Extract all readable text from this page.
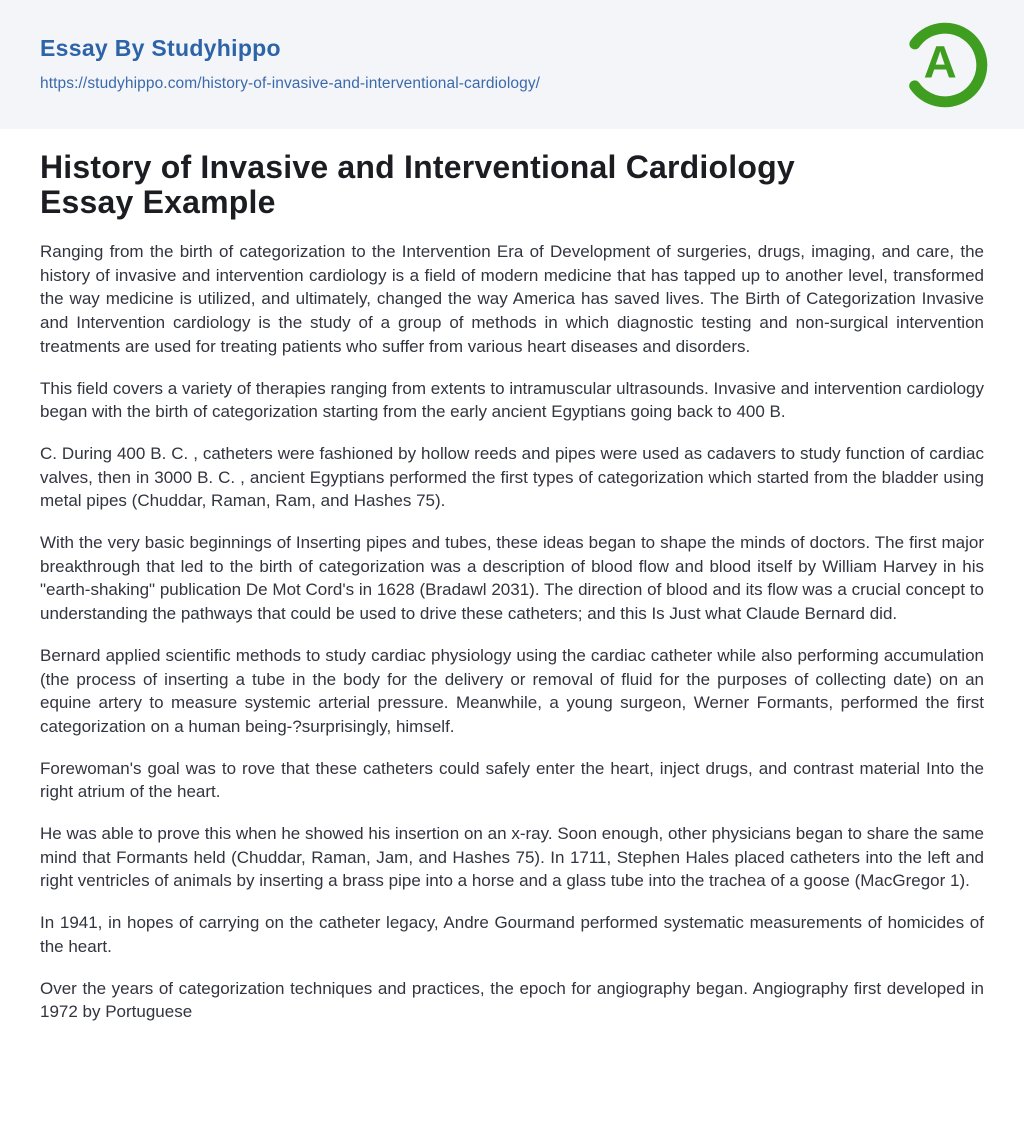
Essay By Studyhippo
https://studyhippo.com/history-of-invasive-and-interventional-cardiology/	A
History of Invasive and Interventional Cardiology
Essay Example

Ranging from the birth of categorization to the Intervention Era of Development of surgeries, drugs, imaging, and care, the history of invasive and intervention cardiology is a field of modern medicine that has tapped up to another level, transformed the way medicine is utilized, and ultimately, changed the way America has saved lives. The Birth of Categorization Invasive and Intervention cardiology is the study of a group of methods in which diagnostic testing and non-surgical intervention treatments are used for treating patients who suffer from various heart diseases and disorders.

This field covers a variety of therapies ranging from extents to intramuscular ultrasounds. Invasive and intervention cardiology began with the birth of categorization starting from the early ancient Egyptians going back to 400 B.

C. During 400 B. C. , catheters were fashioned by hollow reeds and pipes were used as cadavers to study function of cardiac valves, then in 3000 B. C. , ancient Egyptians performed the first types of categorization which started from the bladder using metal pipes (Chuddar, Raman, Ram, and Hashes 75).

With the very basic beginnings of Inserting pipes and tubes, these ideas began to shape the minds of doctors. The first major breakthrough that led to the birth of categorization was a description of blood flow and blood itself by William Harvey in his "earth-shaking" publication De Mot Cord's in 1628 (Bradawl 2031). The direction of blood and its flow was a crucial concept to understanding the pathways that could be used to drive these catheters; and this Is Just what Claude Bernard did.

Bernard applied scientific methods to study cardiac physiology using the cardiac catheter while also performing accumulation (the process of inserting a tube in the body for the delivery or removal of fluid for the purposes of collecting date) on an equine artery to measure systemic arterial pressure. Meanwhile, a young surgeon, Werner Formants, performed the first categorization on a human being-?surprisingly, himself.

Forewoman's goal was to rove that these catheters could safely enter the heart, inject drugs, and contrast material Into the right atrium of the heart.

He was able to prove this when he showed his insertion on an x-ray. Soon enough, other physicians began to share the same mind that Formants held (Chuddar, Raman, Jam, and Hashes 75). In 1711, Stephen Hales placed catheters into the left and right ventricles of animals by inserting a brass pipe into a horse and a glass tube into the trachea of a goose (MacGregor 1).

In 1941, in hopes of carrying on the catheter legacy, Andre Gourmand performed systematic measurements of homicides of the heart.

Over the years of categorization techniques and practices, the epoch for angiography began. Angiography first developed in 1972 by Portuguese
